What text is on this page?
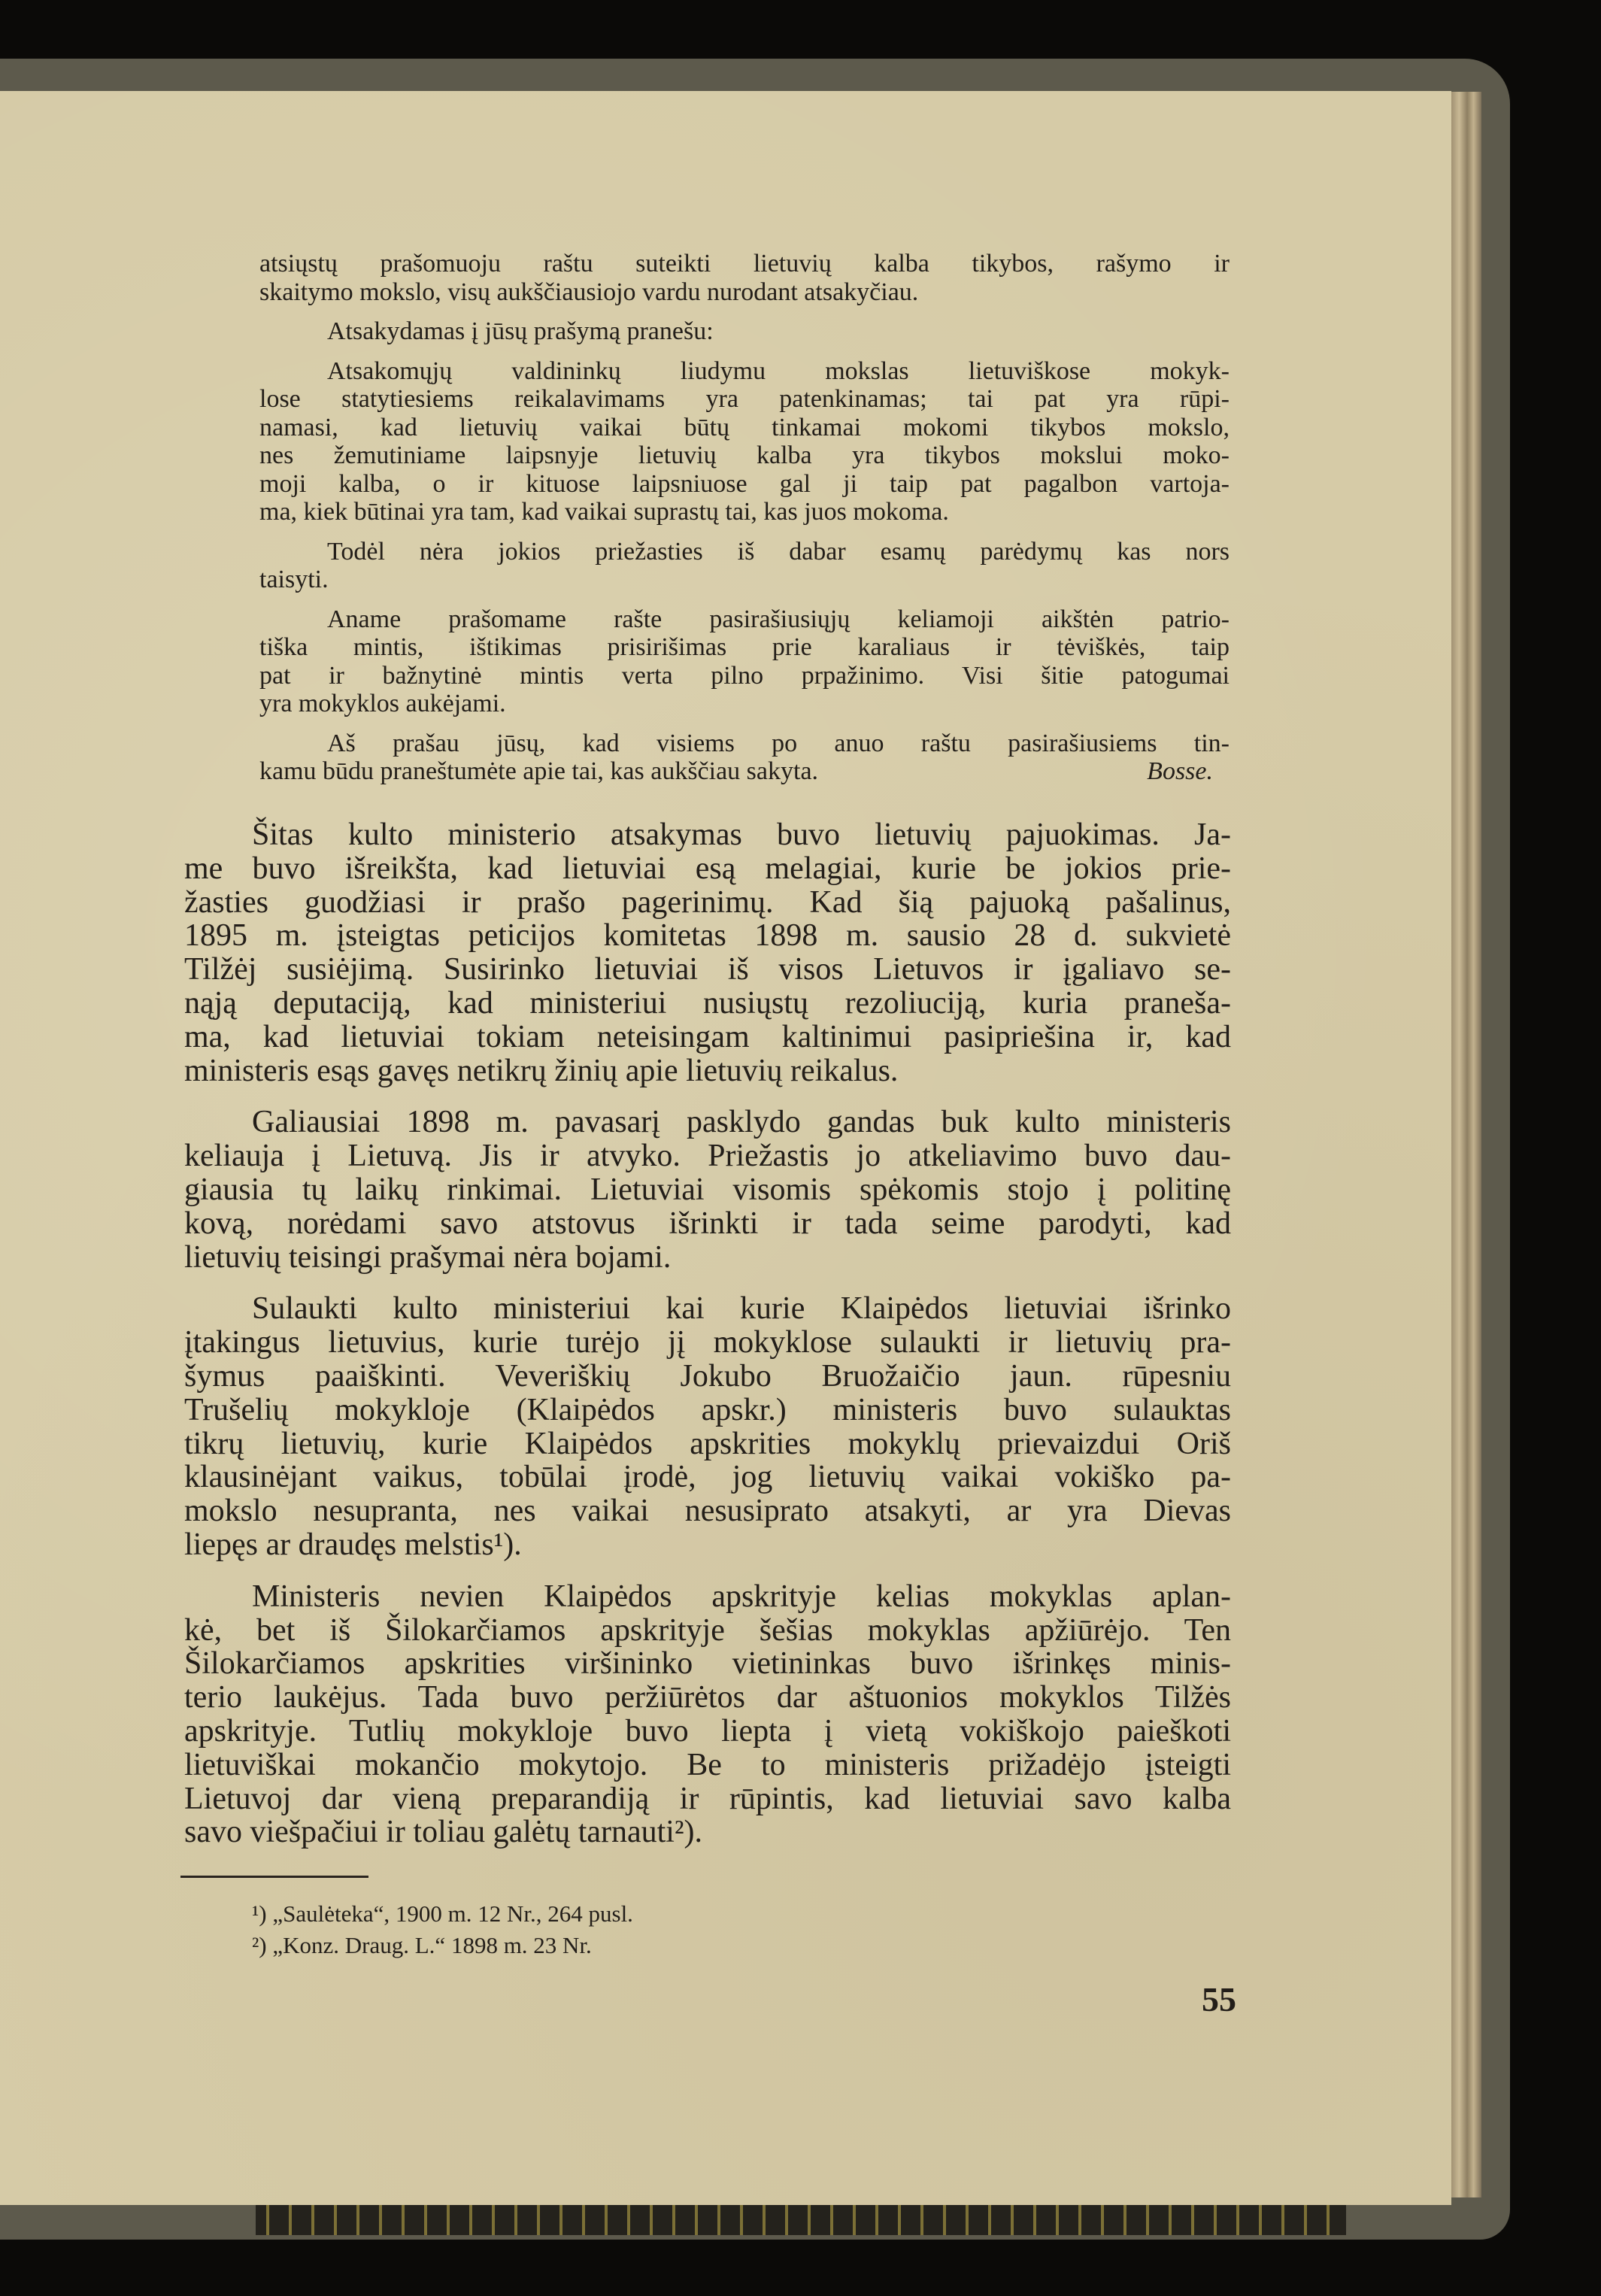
atsiųstų prašomuoju raštu suteikti lietuvių kalba tikybos, rašymo ir
skaitymo mokslo, visų aukščiausiojo vardu nurodant atsakyčiau.
Atsakydamas į jūsų prašymą pranešu:
Atsakomųjų valdininkų liudymu mokslas lietuviškose mokyk-
lose statytiesiems reikalavimams yra patenkinamas; tai pat yra rūpi-
namasi, kad lietuvių vaikai būtų tinkamai mokomi tikybos mokslo,
nes žemutiniame laipsnyje lietuvių kalba yra tikybos mokslui moko-
moji kalba, o ir kituose laipsniuose gal ji taip pat pagalbon vartoja-
ma, kiek būtinai yra tam, kad vaikai suprastų tai, kas juos mokoma.
Todėl nėra jokios priežasties iš dabar esamų parėdymų kas nors
taisyti.
Aname prašomame rašte pasirašiusiųjų keliamoji aikštėn patrio-
tiška mintis, ištikimas prisirišimas prie karaliaus ir tėviškės, taip
pat ir bažnytinė mintis verta pilno prpažinimo. Visi šitie patogumai
yra mokyklos aukėjami.
Aš prašau jūsų, kad visiems po anuo raštu pasirašiusiems tin-
kamu būdu praneštumėte apie tai, kas aukščiau sakyta.	Bosse.
Šitas kulto ministerio atsakymas buvo lietuvių pajuokimas. Ja-
me buvo išreikšta, kad lietuviai esą melagiai, kurie be jokios prie-
žasties guodžiasi ir prašo pagerinimų. Kad šią pajuoką pašalinus,
1895 m. įsteigtas peticijos komitetas 1898 m. sausio 28 d. sukvietė
Tilžėj susiėjimą. Susirinko lietuviai iš visos Lietuvos ir įgaliavo se-
nąją deputaciją, kad ministeriui nusiųstų rezoliuciją, kuria praneša-
ma, kad lietuviai tokiam neteisingam kaltinimui pasipriešina ir, kad
ministeris esąs gavęs netikrų žinių apie lietuvių reikalus.
Galiausiai 1898 m. pavasarį pasklydo gandas buk kulto ministeris
keliauja į Lietuvą. Jis ir atvyko. Priežastis jo atkeliavimo buvo dau-
giausia tų laikų rinkimai. Lietuviai visomis spėkomis stojo į politinę
kovą, norėdami savo atstovus išrinkti ir tada seime parodyti, kad
lietuvių teisingi prašymai nėra bojami.
Sulaukti kulto ministeriui kai kurie Klaipėdos lietuviai išrinko
įtakingus lietuvius, kurie turėjo jį mokyklose sulaukti ir lietuvių pra-
šymus paaiškinti. Veveriškių Jokubo Bruožaičio jaun. rūpesniu
Trušelių mokykloje (Klaipėdos apskr.) ministeris buvo sulauktas
tikrų lietuvių, kurie Klaipėdos apskrities mokyklų prievaizdui Oriš
klausinėjant vaikus, tobūlai įrodė, jog lietuvių vaikai vokiško pa-
mokslo nesupranta, nes vaikai nesusiprato atsakyti, ar yra Dievas
liepęs ar draudęs melstis¹).
Ministeris nevien Klaipėdos apskrityje kelias mokyklas aplan-
kė, bet iš Šilokarčiamos apskrityje šešias mokyklas apžiūrėjo. Ten
Šilokarčiamos apskrities viršininko vietininkas buvo išrinkęs minis-
terio laukėjus. Tada buvo peržiūrėtos dar aštuonios mokyklos Tilžės
apskrityje. Tutlių mokykloje buvo liepta į vietą vokiškojo paieškoti
lietuviškai mokančio mokytojo. Be to ministeris prižadėjo įsteigti
Lietuvoj dar vieną preparandiją ir rūpintis, kad lietuviai savo kalba
savo viešpačiui ir toliau galėtų tarnauti²).
¹) „Saulėteka“, 1900 m. 12 Nr., 264 pusl.
²) „Konz. Draug. L.“ 1898 m. 23 Nr.
55
